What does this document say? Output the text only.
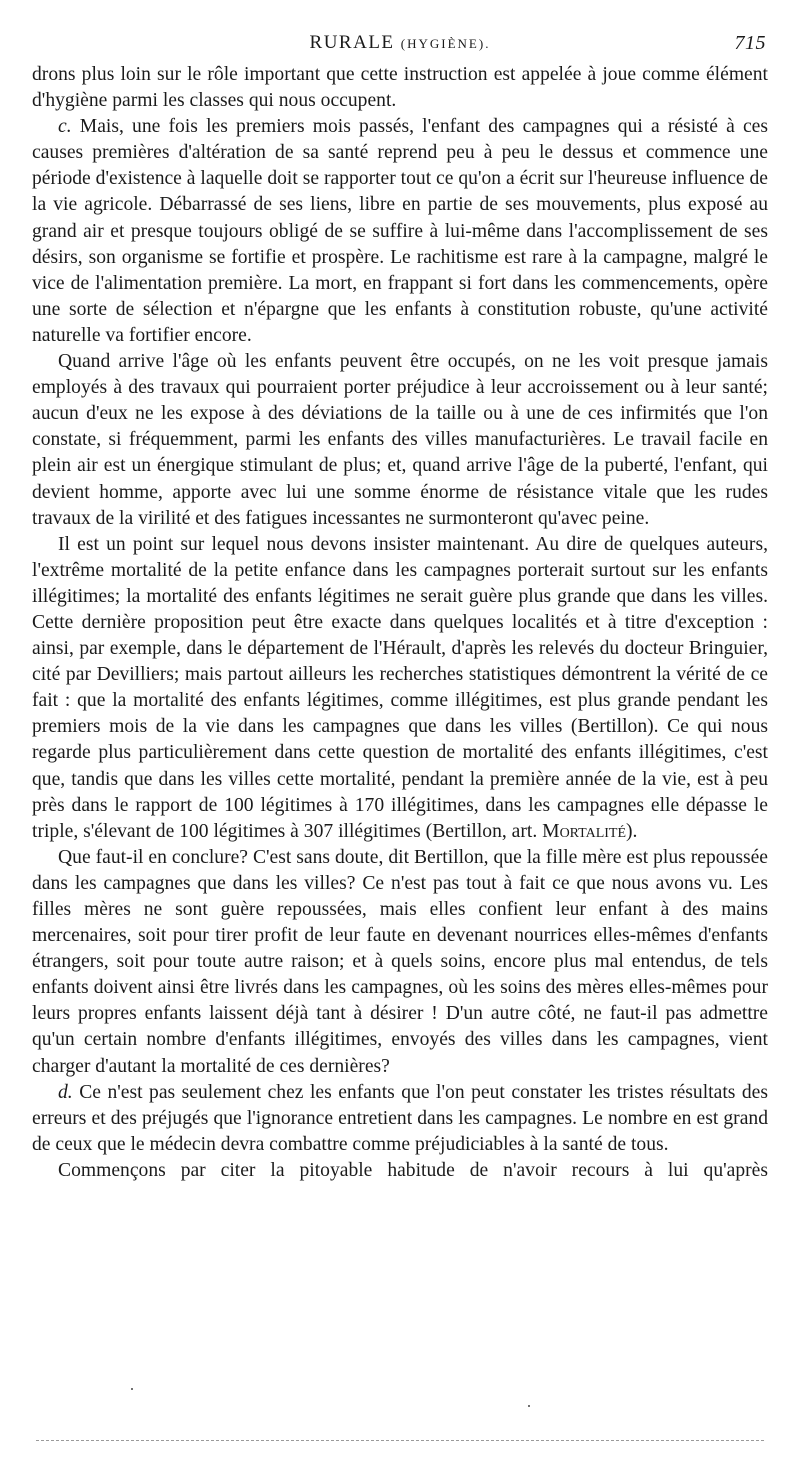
RURALE (HYGIÈNE).	715

drons plus loin sur le rôle important que cette instruction est appelée à joue comme élément d'hygiène parmi les classes qui nous occupent.

c. Mais, une fois les premiers mois passés, l'enfant des campagnes qui a résisté à ces causes premières d'altération de sa santé reprend peu à peu le dessus et commence une période d'existence à laquelle doit se rapporter tout ce qu'on a écrit sur l'heureuse influence de la vie agricole. Débarrassé de ses liens, libre en partie de ses mouvements, plus exposé au grand air et presque toujours obligé de se suffire à lui-même dans l'accomplissement de ses désirs, son organisme se fortifie et prospère. Le rachitisme est rare à la campagne, malgré le vice de l'alimentation première. La mort, en frappant si fort dans les commencements, opère une sorte de sélection et n'épargne que les enfants à constitution robuste, qu'une activité naturelle va fortifier encore.

Quand arrive l'âge où les enfants peuvent être occupés, on ne les voit presque jamais employés à des travaux qui pourraient porter préjudice à leur accroissement ou à leur santé; aucun d'eux ne les expose à des déviations de la taille ou à une de ces infirmités que l'on constate, si fréquemment, parmi les enfants des villes manufacturières. Le travail facile en plein air est un énergique stimulant de plus; et, quand arrive l'âge de la puberté, l'enfant, qui devient homme, apporte avec lui une somme énorme de résistance vitale que les rudes travaux de la virilité et des fatigues incessantes ne surmonteront qu'avec peine.

Il est un point sur lequel nous devons insister maintenant. Au dire de quelques auteurs, l'extrême mortalité de la petite enfance dans les campagnes porterait surtout sur les enfants illégitimes; la mortalité des enfants légitimes ne serait guère plus grande que dans les villes. Cette dernière proposition peut être exacte dans quelques localités et à titre d'exception : ainsi, par exemple, dans le département de l'Hérault, d'après les relevés du docteur Bringuier, cité par Devilliers; mais partout ailleurs les recherches statistiques démontrent la vérité de ce fait : que la mortalité des enfants légitimes, comme illégitimes, est plus grande pendant les premiers mois de la vie dans les campagnes que dans les villes (Bertillon). Ce qui nous regarde plus particulièrement dans cette question de mortalité des enfants illégitimes, c'est que, tandis que dans les villes cette mortalité, pendant la première année de la vie, est à peu près dans le rapport de 100 légitimes à 170 illégitimes, dans les campagnes elle dépasse le triple, s'élevant de 100 légitimes à 307 illégitimes (Bertillon, art. Mortalité).

Que faut-il en conclure? C'est sans doute, dit Bertillon, que la fille mère est plus repoussée dans les campagnes que dans les villes? Ce n'est pas tout à fait ce que nous avons vu. Les filles mères ne sont guère repoussées, mais elles confient leur enfant à des mains mercenaires, soit pour tirer profit de leur faute en devenant nourrices elles-mêmes d'enfants étrangers, soit pour toute autre raison; et à quels soins, encore plus mal entendus, de tels enfants doivent ainsi être livrés dans les campagnes, où les soins des mères elles-mêmes pour leurs propres enfants laissent déjà tant à désirer ! D'un autre côté, ne faut-il pas admettre qu'un certain nombre d'enfants illégitimes, envoyés des villes dans les campagnes, vient charger d'autant la mortalité de ces dernières?

d. Ce n'est pas seulement chez les enfants que l'on peut constater les tristes résultats des erreurs et des préjugés que l'ignorance entretient dans les campagnes. Le nombre en est grand de ceux que le médecin devra combattre comme préjudiciables à la santé de tous.

Commençons par citer la pitoyable habitude de n'avoir recours à lui qu'après
